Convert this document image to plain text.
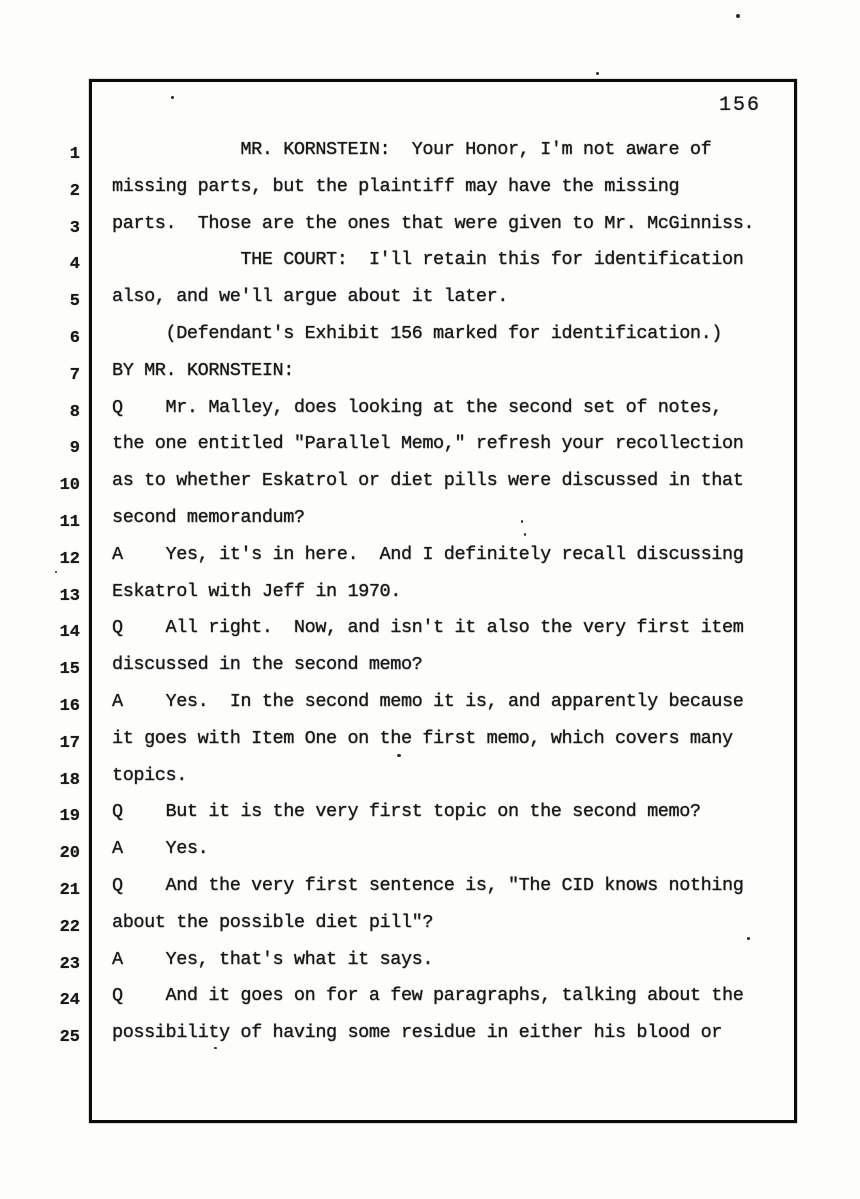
156
1
2
3
4
5
6
7
8
9
10
11
12
13
14
15
16
17
18
19
20
21
22
23
24
25
MR. KORNSTEIN:  Your Honor, I'm not aware of
missing parts, but the plaintiff may have the missing
parts.  Those are the ones that were given to Mr. McGinniss.
THE COURT:  I'll retain this for identification
also, and we'll argue about it later.
(Defendant's Exhibit 156 marked for identification.)
BY MR. KORNSTEIN:
Q    Mr. Malley, does looking at the second set of notes,
the one entitled "Parallel Memo," refresh your recollection
as to whether Eskatrol or diet pills were discussed in that
second memorandum?
A    Yes, it's in here.  And I definitely recall discussing
Eskatrol with Jeff in 1970.
Q    All right.  Now, and isn't it also the very first item
discussed in the second memo?
A    Yes.  In the second memo it is, and apparently because
it goes with Item One on the first memo, which covers many
topics.
Q    But it is the very first topic on the second memo?
A    Yes.
Q    And the very first sentence is, "The CID knows nothing
about the possible diet pill"?
A    Yes, that's what it says.
Q    And it goes on for a few paragraphs, talking about the
possibility of having some residue in either his blood or
